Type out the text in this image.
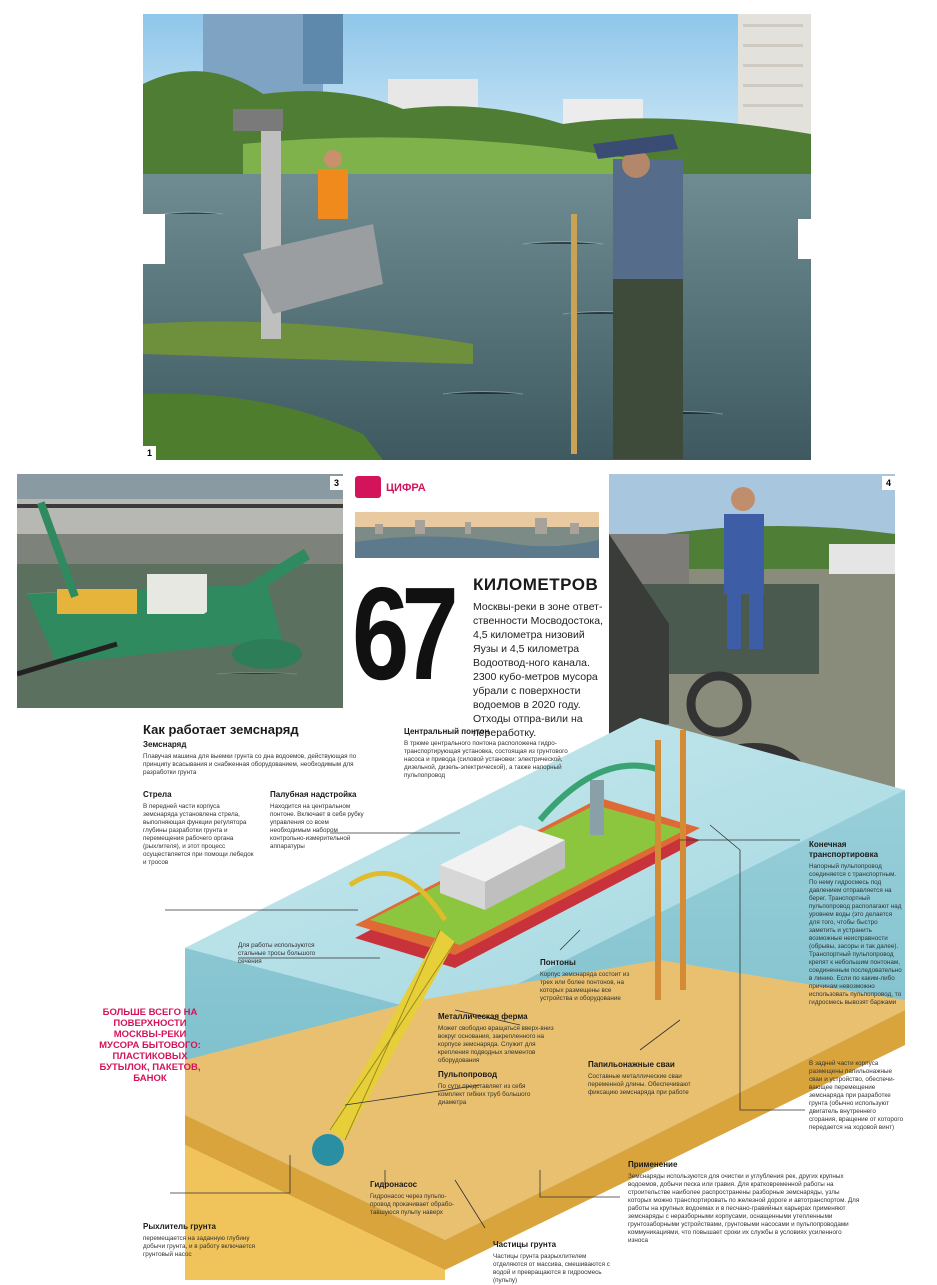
1
3	4
ЦИФРА
67 КИЛОМЕТРОВ
Москвы-реки в зоне ответ-ственности Мосводостока, 4,5 километра низовий Яузы и 4,5 километра Водоотвод-ного канала. 2300 кубо-метров мусора убрали с поверхности водоемов в 2020 году. Отходы отпра-вили на переработку.
Как работает земснаряд
Земснаряд
Плавучая машина для выемки грунта со дна водоемов, действующая по принципу всасывания и снабженная оборудованием, необходимым для разработки грунта
Центральный понтон
В трюме центрального понтона расположена гидро-транспортирующая установка, состоящая из грунтового насоса и привода (силовой установки: электрической, дизельной, дизель-электрической), а также напорный пульпопровод
Стрела
В передней части корпуса земснаряда установлена стрела, выполняющая функции регулятора глубины разработки грунта и перемещения рабочего органа (рыхлителя), и этот процесс осуществляется при помощи лебедок и тросов
Палубная надстройка
Находится на центральном понтоне. Включает в себя рубку управления со всем необходимым набором контрольно-измерительной аппаратуры
Для работы используются стальные тросы большого сечения	Понтоны
Корпус земснаряда состоит из трех или более понтонов, на которых размещены все устройства и оборудование
Металлическая ферма
Может свободно вращаться вверх-вниз вокруг основания, закрепленного на корпусе земснаряда. Служит для крепления подводных элементов оборудования	Папильонажные сваи
Составные металлические сваи переменной длины. Обеспечивают фиксацию земснаряда при работе
Пульпопровод
По сути представляет из себя комплект гибких труб большого диаметра
Конечная транспортировка
Напорный пульпопровод соединяется с транспортным. По нему гидросмесь под давлением отправляется на берег. Транспортный пульпопровод располагают над уровнем воды (это делается для того, чтобы быстро заметить и устранить возможные неисправности (обрывы, засоры и так далее). Транспортный пульпопровод крепят к небольшим понтонам, соединенным последовательно в линию. Если по каким-либо причинам невозможно использовать пульпопровод, то гидросмесь вывозят баржами
В задней части корпуса размещены папильонажные сваи и устройство, обеспечи-вающее перемещение земснаряда при разработке грунта (обычно используют двигатель внутреннего сгорания, вращение от которого передается на ходовой винт)
Применение
Земснаряды используются для очистки и углубления рек, других крупных водоемов, добычи песка или гравия. Для кратковременной работы на строительстве наиболее распространены разборные земснаряды, узлы которых можно транспортировать по железной дороге и автотранспортом. Для работы на крупных водоемах и в песчано-гравийных карьерах применяют земснаряды с неразборными корпусами, оснащенными утепленными грунтозаборными устройствами, грунтовыми насосами и пульпопроводами коммуникациями, что повышает сроки их службы в условиях усиленного износа
Гидронасос
Гидронасос через пульпо-провод прокачивает обрабо-тавшуюся пульпу наверх
Рыхлитель грунта
перемещается на заданную глубину добычи грунта, и в работу включается грунтовый насос
Частицы грунта
Частицы грунта разрыхлителем отделяются от массива, смешиваются с водой и превращаются в гидросмесь (пульпу)
БОЛЬШЕ ВСЕГО НА ПОВЕРХНОСТИ МОСКВЫ-РЕКИ МУСОРА БЫТОВОГО: ПЛАСТИКОВЫХ БУТЫЛОК, ПАКЕТОВ, БАНОК
